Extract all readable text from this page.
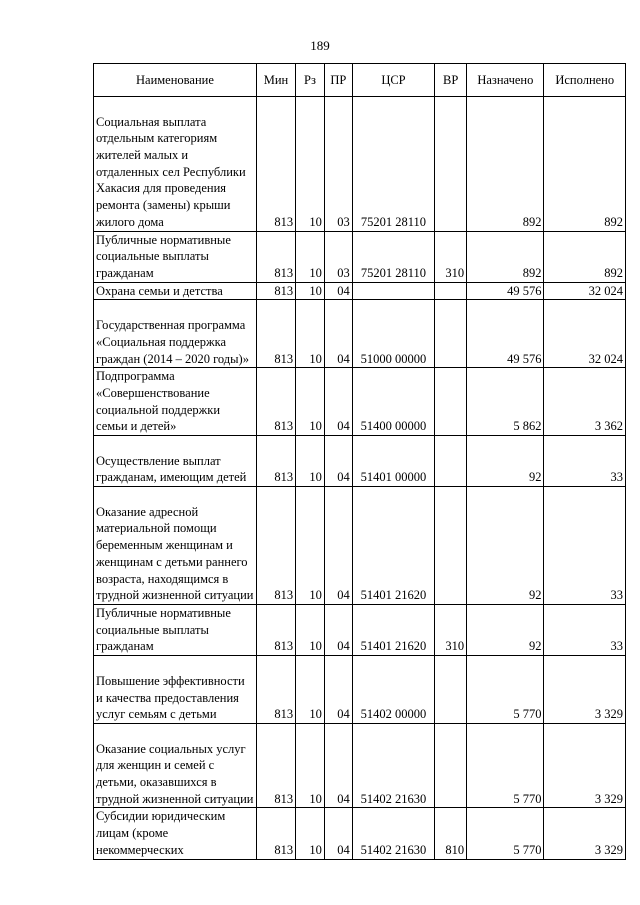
189
Наименование	Мин	Рз	ПР	ЦСР	ВР	Назначено	Исполнено
Социальная выплата отдельным категориям жителей малых и отдаленных сел Республики Хакасия для проведения ремонта (замены) крыши жилого дома	813	10	03	75201 28110		892	892
Публичные нормативные социальные выплаты гражданам	813	10	03	75201 28110	310	892	892
Охрана семьи и детства	813	10	04			49 576	32 024
Государственная программа «Социальная поддержка граждан (2014 – 2020 годы)»	813	10	04	51000 00000		49 576	32 024
Подпрограмма «Совершенствование социальной поддержки семьи и детей»	813	10	04	51400 00000		5 862	3 362
Осуществление выплат гражданам, имеющим детей	813	10	04	51401 00000		92	33
Оказание адресной материальной помощи беременным женщинам и женщинам с детьми раннего возраста, находящимся в трудной жизненной ситуации	813	10	04	51401 21620		92	33
Публичные нормативные социальные выплаты гражданам	813	10	04	51401 21620	310	92	33
Повышение эффективности и качества предоставления услуг семьям с детьми	813	10	04	51402 00000		5 770	3 329
Оказание социальных услуг для женщин и семей с детьми, оказавшихся в трудной жизненной ситуации	813	10	04	51402 21630		5 770	3 329
Субсидии юридическим лицам (кроме некоммерческих	813	10	04	51402 21630	810	5 770	3 329
